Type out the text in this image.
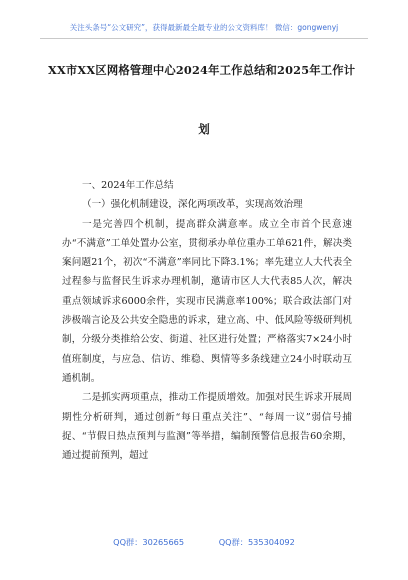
关注头条号“公文研究”，获得最新最全最专业的公文资料库！ 微信：gongwenyj
XX市XX区网格管理中心2024年工作总结和2025年工作计
划

一、2024年工作总结

（一）强化机制建设，深化两项改革，实现高效治理

一是完善四个机制，提高群众满意率。成立全市首个民意速办“不满意”工单处置办公室，贯彻承办单位重办工单621件，解决类案问题21个，初次“不满意”率同比下降3.1%；率先建立人大代表全过程参与监督民生诉求办理机制，邀请市区人大代表85人次，解决重点领域诉求6000余件，实现市民满意率100%；联合政法部门对涉极端言论及公共安全隐患的诉求，建立高、中、低风险等级研判机制，分级分类推给公安、街道、社区进行处置；严格落实7×24小时值班制度，与应急、信访、维稳、舆情等多条线建立24小时联动互通机制。

二是抓实两项重点，推动工作提质增效。加强对民生诉求开展周期性分析研判，通过创新“每日重点关注”、“每周一议”弱信号捕捉、“节假日热点预判与监测”等举措，编制预警信息报告60余期，通过提前预判，超过

QQ群：30265665	QQ群：535304092
